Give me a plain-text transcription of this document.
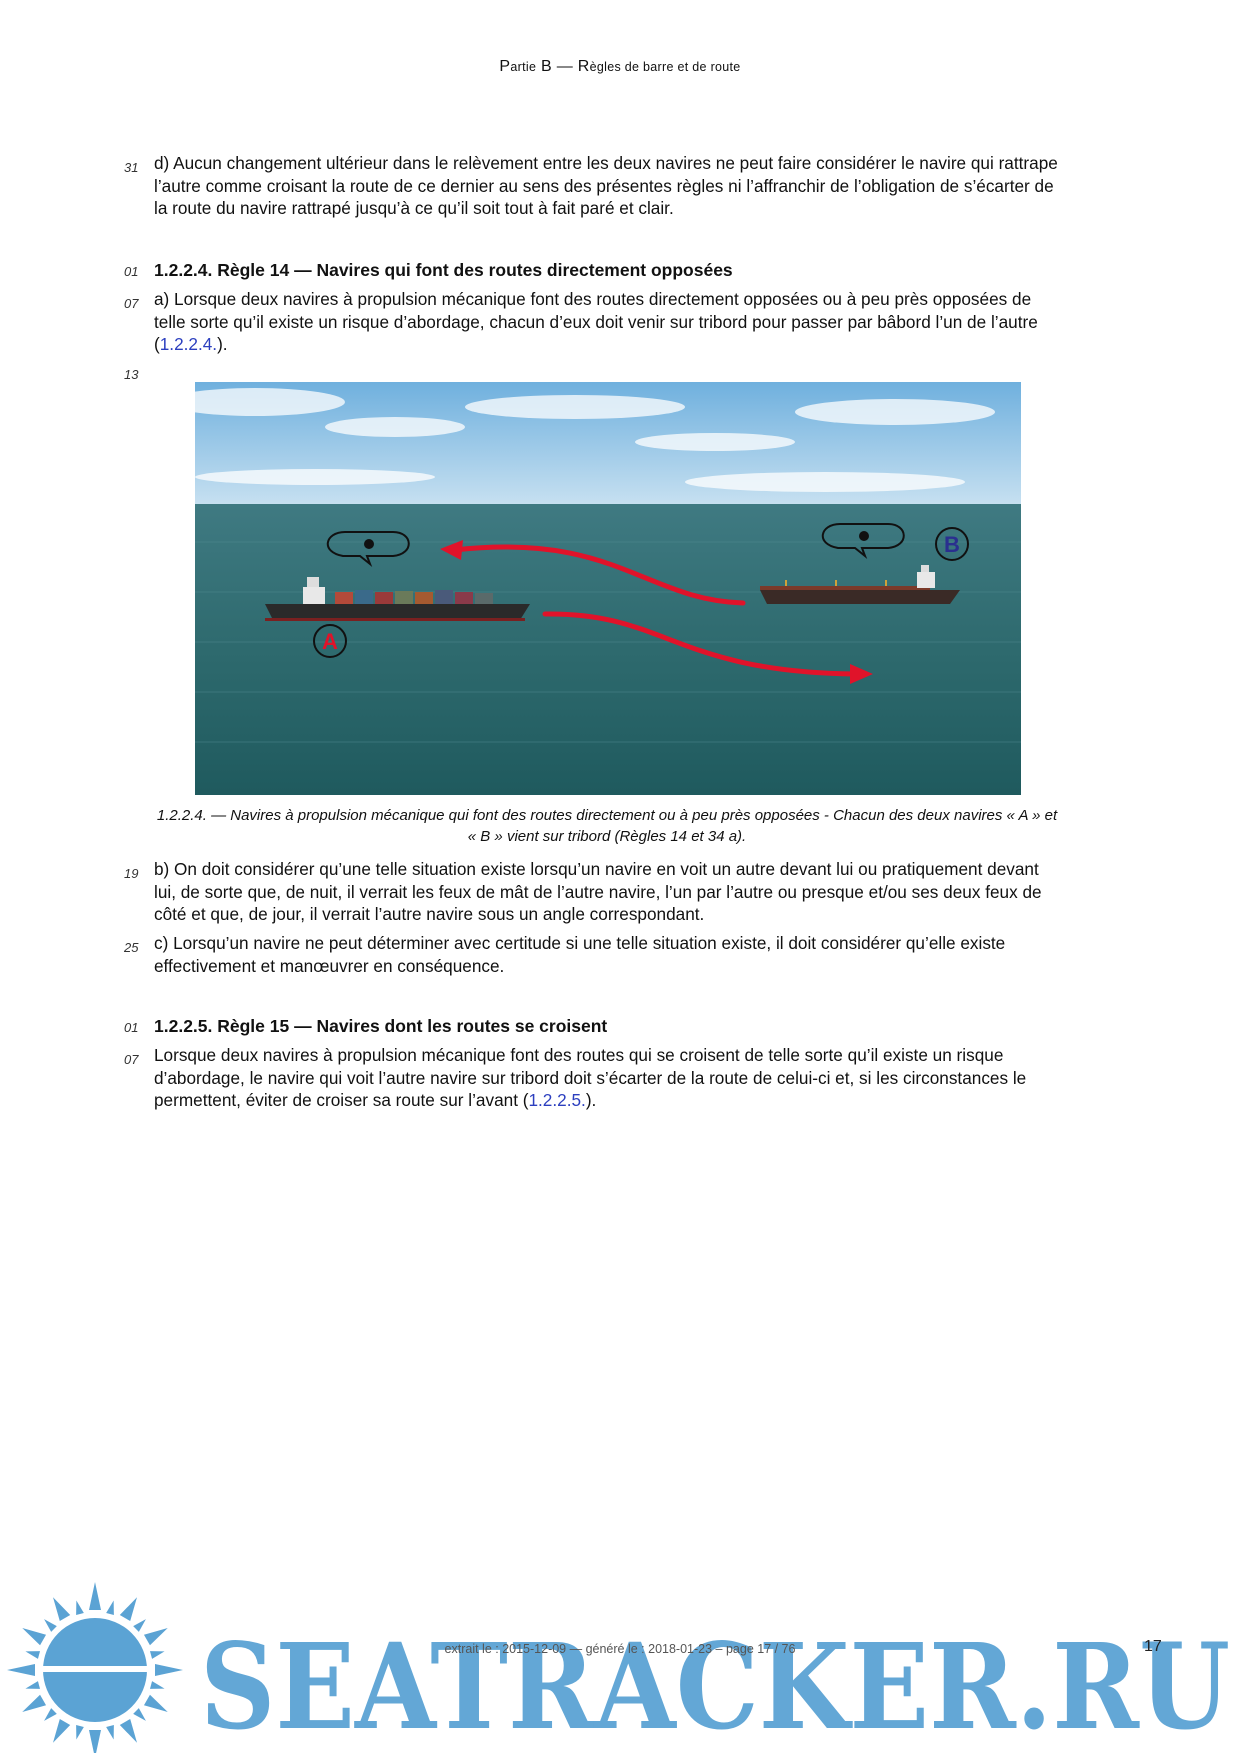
Partie B — Règles de barre et de route
31 d) Aucun changement ultérieur dans le relèvement entre les deux navires ne peut faire considérer le navire qui rattrape l’autre comme croisant la route de ce dernier au sens des présentes règles ni l’affranchir de l’obligation de s’écarter de la route du navire rattrapé jusqu’à ce qu’il soit tout à fait paré et clair.
01 1.2.2.4. Règle 14 — Navires qui font des routes directement opposées
07 a) Lorsque deux navires à propulsion mécanique font des routes directement opposées ou à peu près opposées de telle sorte qu’il existe un risque d’abordage, chacun d’eux doit venir sur tribord pour passer par bâbord l’un de l’autre (1.2.2.4.).
13
A
B
1.2.2.4. — Navires à propulsion mécanique qui font des routes directement ou à peu près opposées - Chacun des deux navires « A » et « B » vient sur tribord (Règles 14 et 34 a).
19 b) On doit considérer qu’une telle situation existe lorsqu’un navire en voit un autre devant lui ou pratiquement devant lui, de sorte que, de nuit, il verrait les feux de mât de l’autre navire, l’un par l’autre ou presque et/ou ses deux feux de côté et que, de jour, il verrait l’autre navire sous un angle correspondant.
25 c) Lorsqu’un navire ne peut déterminer avec certitude si une telle situation existe, il doit considérer qu’elle existe effectivement et manœuvrer en conséquence.
01 1.2.2.5. Règle 15 — Navires dont les routes se croisent
07 Lorsque deux navires à propulsion mécanique font des routes qui se croisent de telle sorte qu’il existe un risque d’abordage, le navire qui voit l’autre navire sur tribord doit s’écarter de la route de celui-ci et, si les circonstances le permettent, éviter de croiser sa route sur l’avant (1.2.2.5.).
SEATRACKER.RU
extrait le : 2015-12-09 — généré le : 2018-01-23 – page 17 / 76	17
